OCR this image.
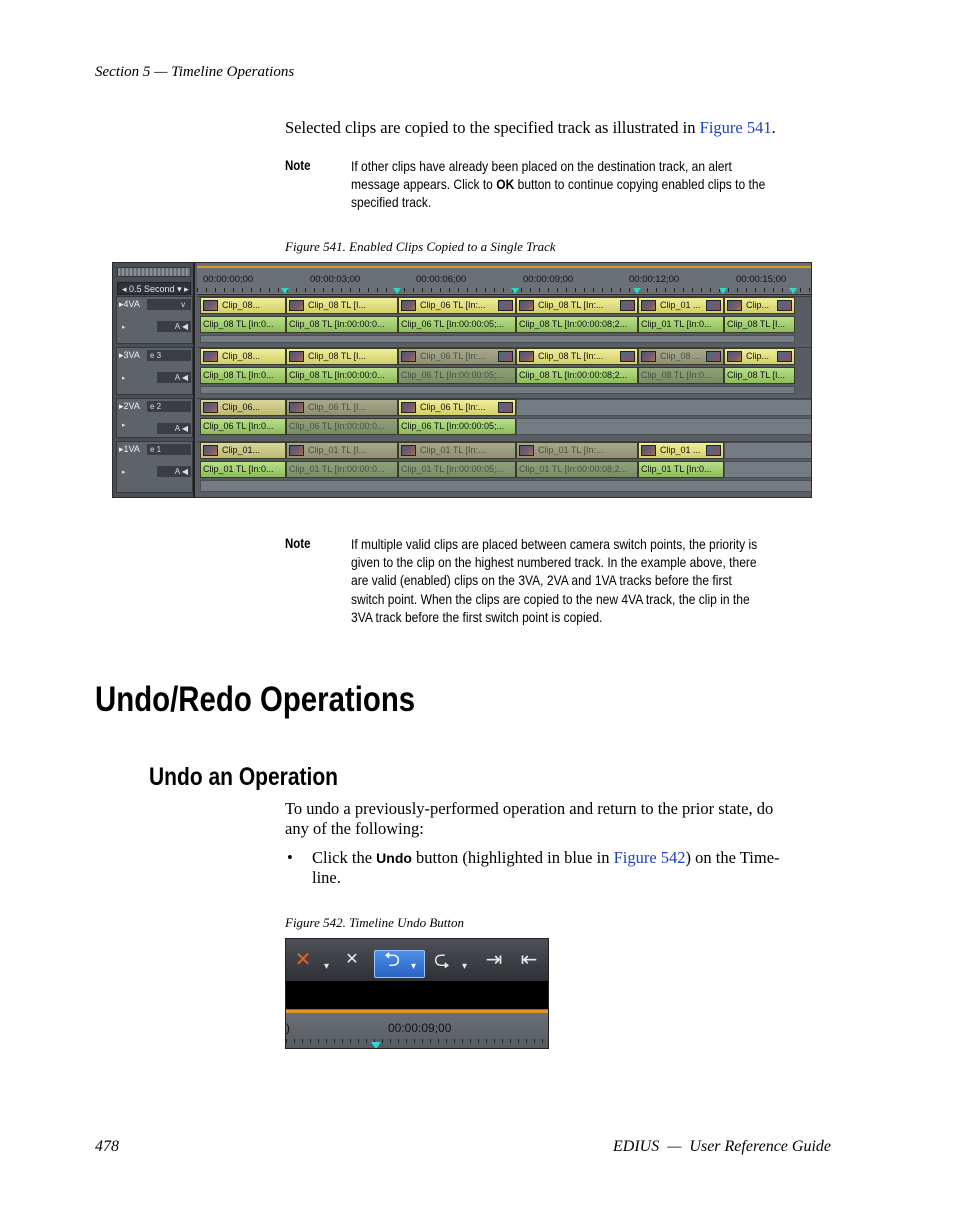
Section 5 — Timeline Operations
Selected clips are copied to the specified track as illustrated in Figure 541.
Note	If other clips have already been placed on the destination track, an alert
message appears. Click to OK button to continue copying enabled clips to the
specified track.
Figure 541. Enabled Clips Copied to a Single Track
◂ 0.5 Second ▾ ▸
▸4VA	v
A ◀
▸
▸3VA	e 3
A ◀
▸
▸2VA	e 2
A ◀
▸
▸1VA	e 1
A ◀
▸
00:00:00;00	00:00:03;00	00:00:06;00	00:00:09;00	00:00:12;00	00:00:15;00
Clip_08...	Clip_08 TL [I...	Clip_06 TL [In:...	Clip_08 TL [In:...	Clip_01 ...	Clip...
Clip_08 TL [In:0... Clip_08 TL [In:00:00:0... Clip_06 TL [In:00:00:05;... Clip_08 TL [In:00:00:08;2... Clip_01 TL [In:0... Clip_08 TL [I...
Clip_08...	Clip_08 TL [I...	Clip_06 TL [In:...	Clip_08 TL [In:...	Clip_08 ...	Clip...
Clip_08 TL [In:0... Clip_08 TL [In:00:00:0... Clip_06 TL [In:00:00:05;... Clip_08 TL [In:00:00:08;2... Clip_08 TL [In:0... Clip_08 TL [I...
Clip_06...	Clip_06 TL [I...	Clip_06 TL [In:...
Clip_06 TL [In:0... Clip_06 TL [In:00:00:0... Clip_06 TL [In:00:00:05;...
Clip_01...	Clip_01 TL [I...	Clip_01 TL [In:...	Clip_01 TL [In:...	Clip_01 ...
Clip_01 TL [In:0... Clip_01 TL [In:00:00:0... Clip_01 TL [In:00:00:05;... Clip_01 TL [In:00:00:08;2... Clip_01 TL [In:0...
Note	If multiple valid clips are placed between camera switch points, the priority is
given to the clip on the highest numbered track. In the example above, there
are valid (enabled) clips on the 3VA, 2VA and 1VA tracks before the first
switch point. When the clips are copied to the new 4VA track, the clip in the
3VA track before the first switch point is copied.
Undo/Redo Operations
Undo an Operation
To undo a previously-performed operation and return to the prior state, do
any of the following:
• Click the Undo button (highlighted in blue in Figure 542) on the Time-
line.
Figure 542. Timeline Undo Button
✕	▾	✕	⮌	▾ ⮎	▾ ⇥ ⇤
)	00:00:09;00
478	EDIUS  —  User Reference Guide
